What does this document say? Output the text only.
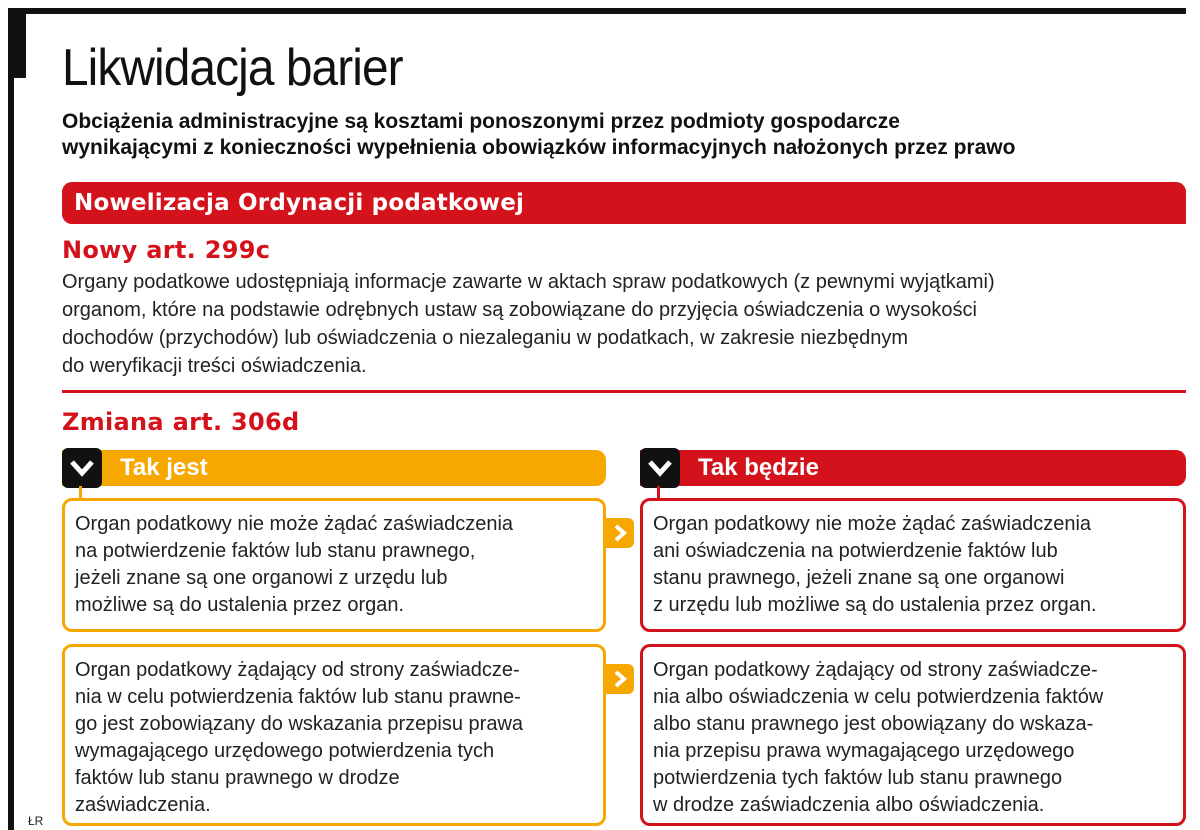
Likwidacja barier

Obciążenia administracyjne są kosztami ponoszonymi przez podmioty gospodarcze
wynikającymi z konieczności wypełnienia obowiązków informacyjnych nałożonych przez prawo

Nowelizacja Ordynacji podatkowej
Nowy art. 299c

Organy podatkowe udostępniają informacje zawarte w aktach spraw podatkowych (z pewnymi wyjątkami)
organom, które na podstawie odrębnych ustaw są zobowiązane do przyjęcia oświadczenia o wysokości
dochodów (przychodów) lub oświadczenia o niezaleganiu w podatkach, w zakresie niezbędnym
do weryfikacji treści oświadczenia.

Zmiana art. 306d
Tak jest	Tak będzie

Organ podatkowy nie może żądać zaświadczenia
na potwierdzenie faktów lub stanu prawnego,
jeżeli znane są one organowi z urzędu lub
możliwe są do ustalenia przez organ.

Organ podatkowy nie może żądać zaświadczenia
ani oświadczenia na potwierdzenie faktów lub
stanu prawnego, jeżeli znane są one organowi
z urzędu lub możliwe są do ustalenia przez organ.

Organ podatkowy żądający od strony zaświadcze-
nia w celu potwierdzenia faktów lub stanu prawne-
go jest zobowiązany do wskazania przepisu prawa
wymagającego urzędowego potwierdzenia tych
faktów lub stanu prawnego w drodze
zaświadczenia.

Organ podatkowy żądający od strony zaświadcze-
nia albo oświadczenia w celu potwierdzenia faktów
albo stanu prawnego jest obowiązany do wskaza-
nia przepisu prawa wymagającego urzędowego
potwierdzenia tych faktów lub stanu prawnego
w drodze zaświadczenia albo oświadczenia.

ŁR
